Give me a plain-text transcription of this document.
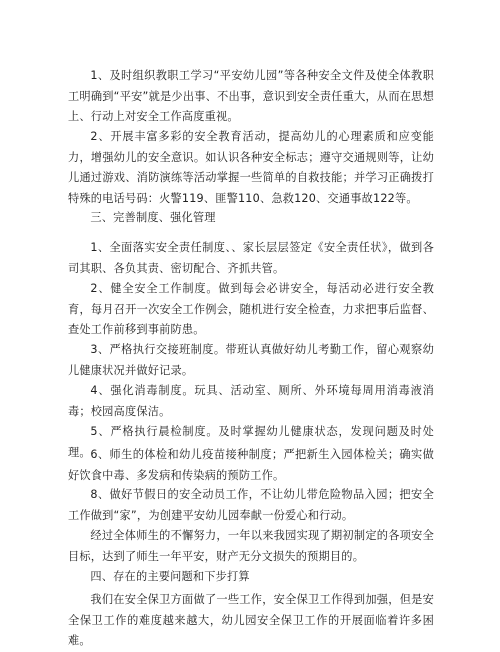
1、及时组织教职工学习“平安幼儿园”等各种安全文件及使全体教职工明确到“平安”就是少出事、不出事，意识到安全责任重大，从而在思想上、行动上对安全工作高度重视。

2、开展丰富多彩的安全教育活动，提高幼儿的心理素质和应变能力，增强幼儿的安全意识。如认识各种安全标志；遵守交通规则等，让幼儿通过游戏、消防演练等活动掌握一些简单的自救技能；并学习正确拨打特殊的电话号码：火警119、匪警110、急救120、交通事故122等。

三、完善制度、强化管理

1、全面落实安全责任制度、、家长层层签定《安全责任状》，做到各司其职、各负其责、密切配合、齐抓共管。

2、健全安全工作制度。做到每会必讲安全，每活动必进行安全教育，每月召开一次安全工作例会，随机进行安全检查，力求把事后监督、查处工作前移到事前防患。

3、严格执行交接班制度。带班认真做好幼儿考勤工作，留心观察幼儿健康状况并做好记录。

4、强化消毒制度。玩具、活动室、厕所、外环境每周用消毒液消毒；校园高度保洁。

5、严格执行晨检制度。及时掌握幼儿健康状态，发现问题及时处理。 6、师生的体检和幼儿疫苗接种制度；严把新生入园体检关；确实做好饮食中毒、多发病和传染病的预防工作。

8、做好节假日的安全动员工作，不让幼儿带危险物品入园；把安全工作做到“家”，为创建平安幼儿园奉献一份爱心和行动。

经过全体师生的不懈努力，一年以来我园实现了期初制定的各项安全目标，达到了师生一年平安，财产无分文损失的预期目的。

四、存在的主要问题和下步打算

我们在安全保卫方面做了一些工作，安全保卫工作得到加强，但是安全保卫工作的难度越来越大，幼儿园安全保卫工作的开展面临着许多困难。
